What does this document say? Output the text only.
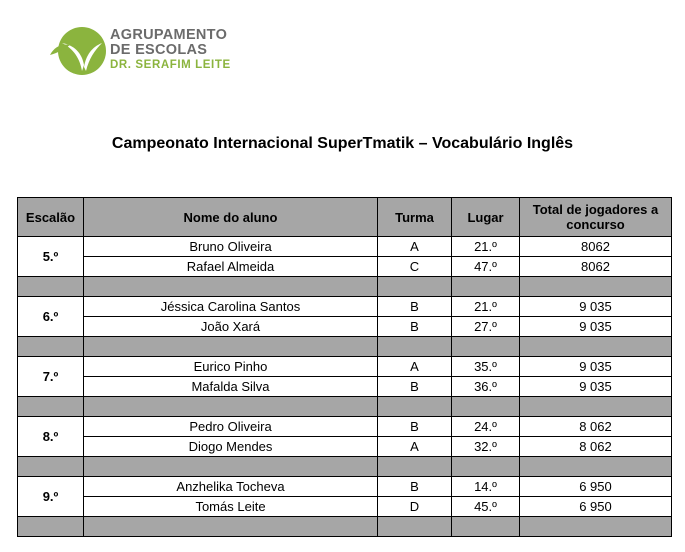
AGRUPAMENTO
DE ESCOLAS
DR. SERAFIM LEITE
Campeonato Internacional SuperTmatik – Vocabulário Inglês
Escalão	Nome do aluno	Turma	Lugar	Total de jogadores a concurso
5.º	Bruno Oliveira	A	21.º	8062
	Rafael Almeida	C	47.º	8062

6.º	Jéssica Carolina Santos	B	21.º	9 035
	João Xará	B	27.º	9 035

7.º	Eurico Pinho	A	35.º	9 035
	Mafalda Silva	B	36.º	9 035

8.º	Pedro Oliveira	B	24.º	8 062
	Diogo Mendes	A	32.º	8 062

9.º	Anzhelika Tocheva	B	14.º	6 950
	Tomás Leite	D	45.º	6 950
